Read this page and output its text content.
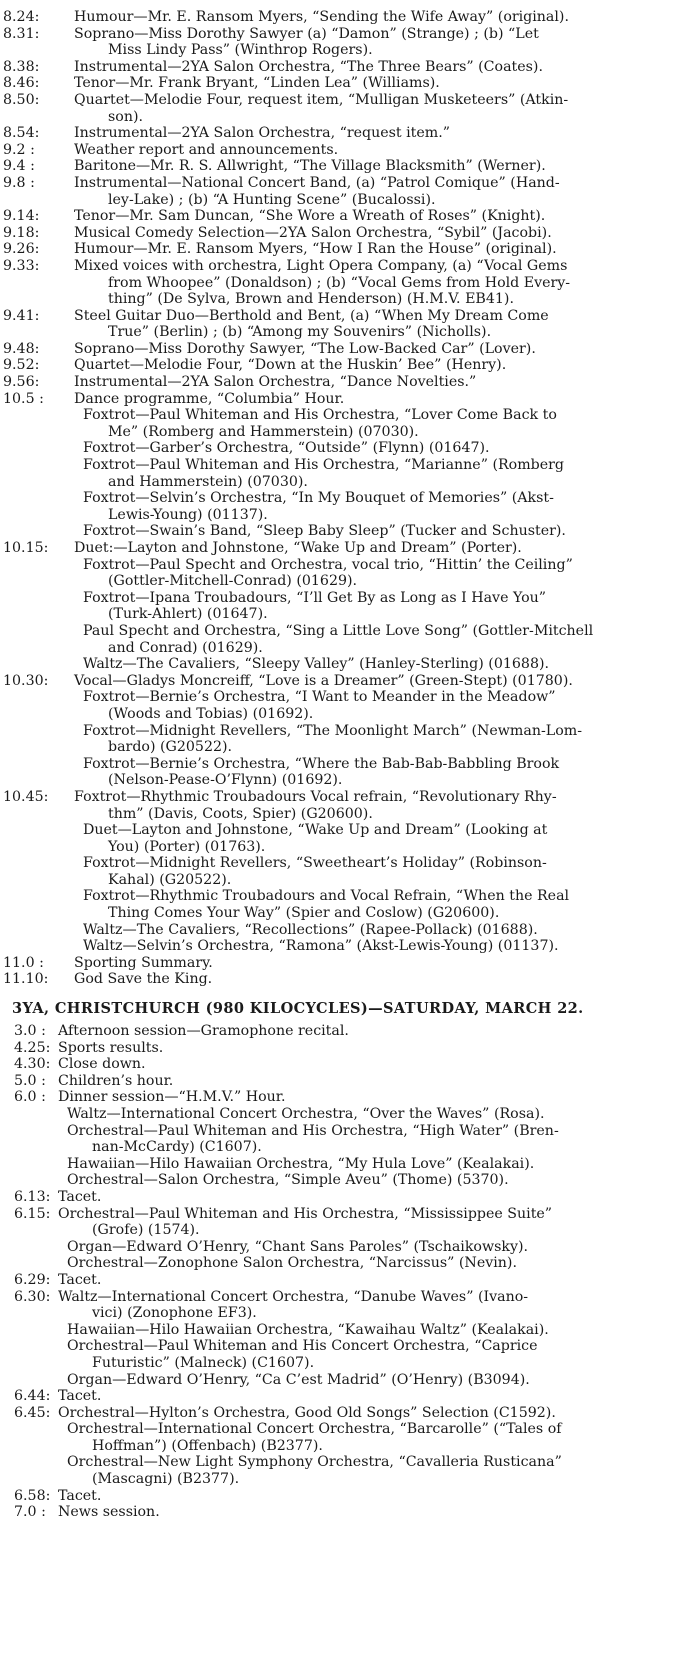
8.24:	Humour—Mr. E. Ransom Myers, “Sending the Wife Away” (original).
8.31:	Soprano—Miss Dorothy Sawyer (a) “Damon” (Strange) ; (b) “Let
Miss Lindy Pass” (Winthrop Rogers).
8.38:	Instrumental—2YA Salon Orchestra, “The Three Bears” (Coates).
8.46:	Tenor—Mr. Frank Bryant, “Linden Lea” (Williams).
8.50:	Quartet—Melodie Four, request item, “Mulligan Musketeers” (Atkin-
son).
8.54:	Instrumental—2YA Salon Orchestra, “request item.”
9.2 :	Weather report and announcements.
9.4 :	Baritone—Mr. R. S. Allwright, “The Village Blacksmith” (Werner).
9.8 :	Instrumental—National Concert Band, (a) “Patrol Comique” (Hand-
ley-Lake) ; (b) “A Hunting Scene” (Bucalossi).
9.14:	Tenor—Mr. Sam Duncan, “She Wore a Wreath of Roses” (Knight).
9.18:	Musical Comedy Selection—2YA Salon Orchestra, “Sybil” (Jacobi).
9.26:	Humour—Mr. E. Ransom Myers, “How I Ran the House” (original).
9.33:	Mixed voices with orchestra, Light Opera Company, (a) “Vocal Gems
from Whoopee” (Donaldson) ; (b) “Vocal Gems from Hold Every-
thing” (De Sylva, Brown and Henderson) (H.M.V. EB41).
9.41:	Steel Guitar Duo—Berthold and Bent, (a) “When My Dream Come
True” (Berlin) ; (b) “Among my Souvenirs” (Nicholls).
9.48:	Soprano—Miss Dorothy Sawyer, “The Low-Backed Car” (Lover).
9.52:	Quartet—Melodie Four, “Down at the Huskin’ Bee” (Henry).
9.56:	Instrumental—2YA Salon Orchestra, “Dance Novelties.”
10.5 :	Dance programme, “Columbia” Hour.
Foxtrot—Paul Whiteman and His Orchestra, “Lover Come Back to
Me” (Romberg and Hammerstein) (07030).
Foxtrot—Garber’s Orchestra, “Outside” (Flynn) (01647).
Foxtrot—Paul Whiteman and His Orchestra, “Marianne” (Romberg
and Hammerstein) (07030).
Foxtrot—Selvin’s Orchestra, “In My Bouquet of Memories” (Akst-
Lewis-Young) (01137).
Foxtrot—Swain’s Band, “Sleep Baby Sleep” (Tucker and Schuster).
10.15:	Duet:—Layton and Johnstone, “Wake Up and Dream” (Porter).
Foxtrot—Paul Specht and Orchestra, vocal trio, “Hittin’ the Ceiling”
(Gottler-Mitchell-Conrad) (01629).
Foxtrot—Ipana Troubadours, “I’ll Get By as Long as I Have You”
(Turk-Ahlert) (01647).
Paul Specht and Orchestra, “Sing a Little Love Song” (Gottler-Mitchell
and Conrad) (01629).
Waltz—The Cavaliers, “Sleepy Valley” (Hanley-Sterling) (01688).
10.30:	Vocal—Gladys Moncreiff, “Love is a Dreamer” (Green-Stept) (01780).
Foxtrot—Bernie’s Orchestra, “I Want to Meander in the Meadow”
(Woods and Tobias) (01692).
Foxtrot—Midnight Revellers, “The Moonlight March” (Newman-Lom-
bardo) (G20522).
Foxtrot—Bernie’s Orchestra, “Where the Bab-Bab-Babbling Brook
(Nelson-Pease-O’Flynn) (01692).
10.45:	Foxtrot—Rhythmic Troubadours Vocal refrain, “Revolutionary Rhy-
thm” (Davis, Coots, Spier) (G20600).
Duet—Layton and Johnstone, “Wake Up and Dream” (Looking at
You) (Porter) (01763).
Foxtrot—Midnight Revellers, “Sweetheart’s Holiday” (Robinson-
Kahal) (G20522).
Foxtrot—Rhythmic Troubadours and Vocal Refrain, “When the Real
Thing Comes Your Way” (Spier and Coslow) (G20600).
Waltz—The Cavaliers, “Recollections” (Rapee-Pollack) (01688).
Waltz—Selvin’s Orchestra, “Ramona” (Akst-Lewis-Young) (01137).
11.0 :	Sporting Summary.
11.10:	God Save the King.
3YA, CHRISTCHURCH (980 KILOCYCLES)—SATURDAY, MARCH 22.
3.0 : Afternoon session—Gramophone recital.
4.25: Sports results.
4.30: Close down.
5.0 : Children’s hour.
6.0 : Dinner session—“H.M.V.” Hour.
Waltz—International Concert Orchestra, “Over the Waves” (Rosa).
Orchestral—Paul Whiteman and His Orchestra, “High Water” (Bren-
nan-McCardy) (C1607).
Hawaiian—Hilo Hawaiian Orchestra, “My Hula Love” (Kealakai).
Orchestral—Salon Orchestra, “Simple Aveu” (Thome) (5370).
6.13: Tacet.
6.15: Orchestral—Paul Whiteman and His Orchestra, “Mississippee Suite”
(Grofe) (1574).
Organ—Edward O’Henry, “Chant Sans Paroles” (Tschaikowsky).
Orchestral—Zonophone Salon Orchestra, “Narcissus” (Nevin).
6.29: Tacet.
6.30: Waltz—International Concert Orchestra, “Danube Waves” (Ivano-
vici) (Zonophone EF3).
Hawaiian—Hilo Hawaiian Orchestra, “Kawaihau Waltz” (Kealakai).
Orchestral—Paul Whiteman and His Concert Orchestra, “Caprice
Futuristic” (Malneck) (C1607).
Organ—Edward O’Henry, “Ca C’est Madrid” (O’Henry) (B3094).
6.44: Tacet.
6.45: Orchestral—Hylton’s Orchestra, Good Old Songs” Selection (C1592).
Orchestral—International Concert Orchestra, “Barcarolle” (“Tales of
Hoffman”) (Offenbach) (B2377).
Orchestral—New Light Symphony Orchestra, “Cavalleria Rusticana”
(Mascagni) (B2377).
6.58: Tacet.
7.0 : News session.
